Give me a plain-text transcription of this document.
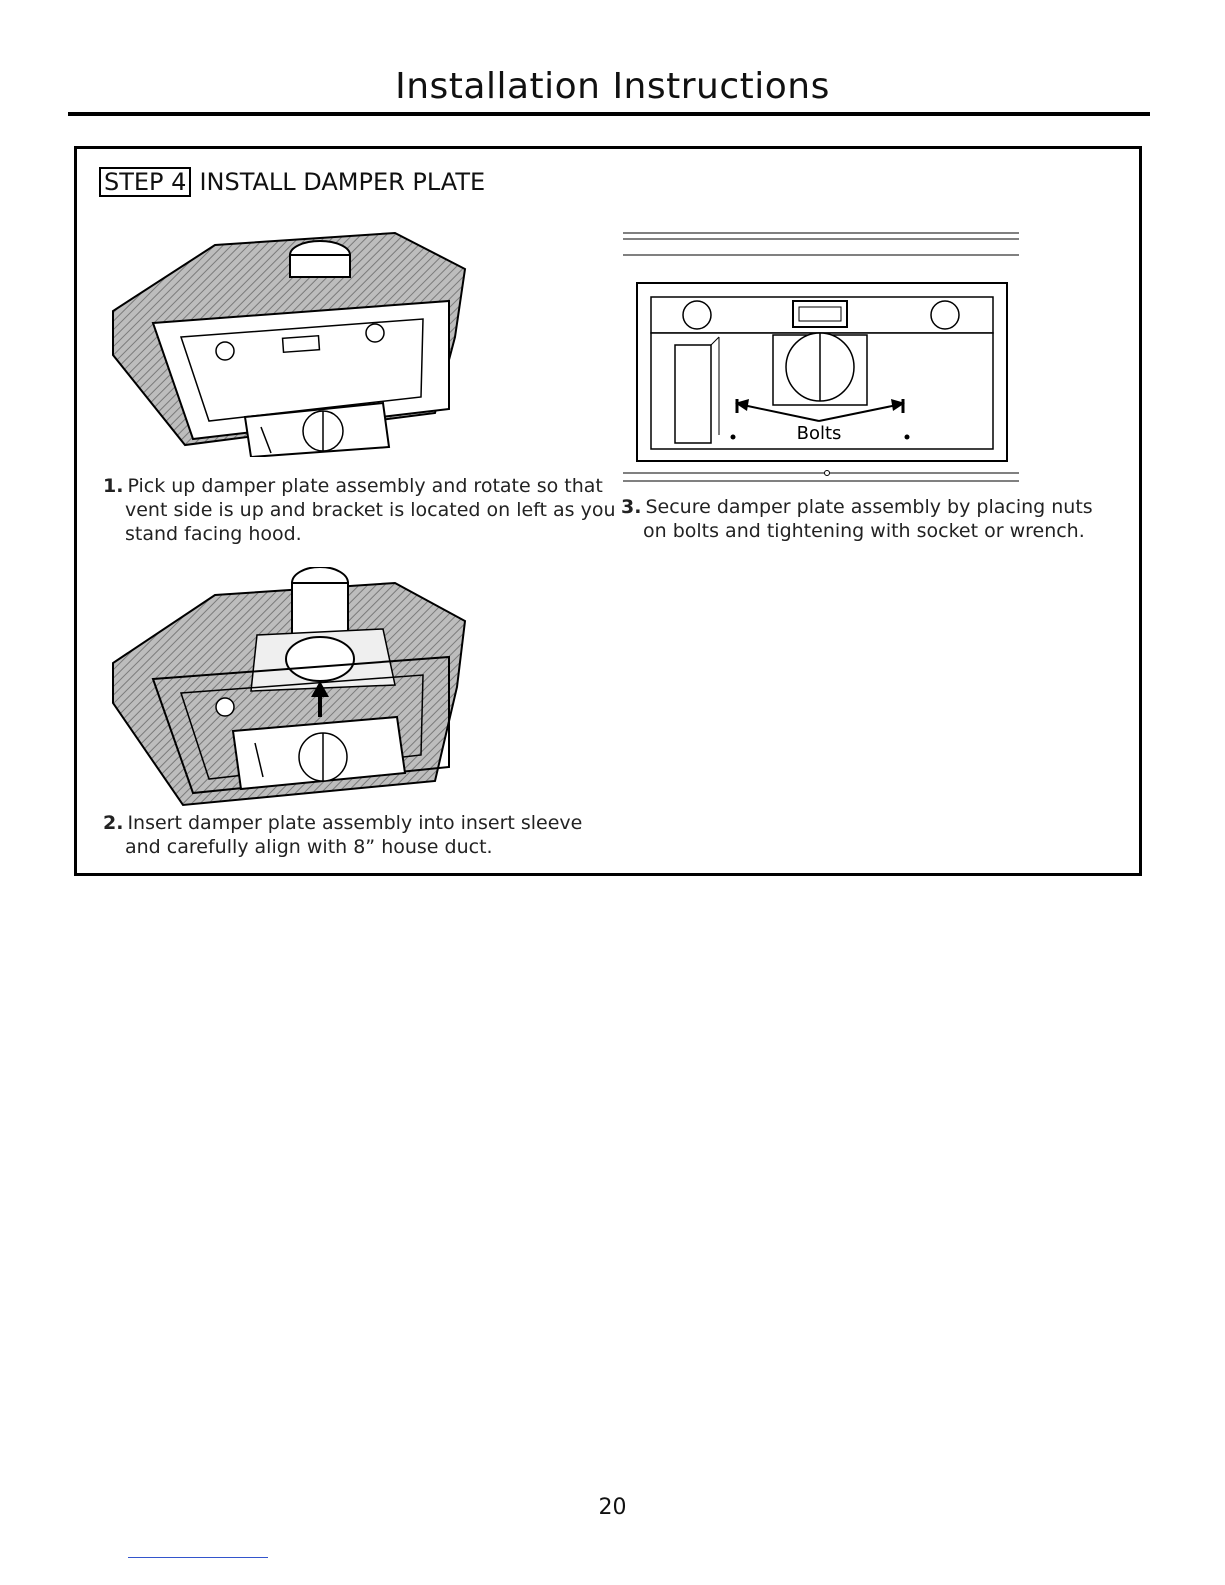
Installation Instructions
STEP 4 INSTALL DAMPER PLATE
1. Pick up damper plate assembly and rotate so that
vent side is up and bracket is located on left as you
stand facing hood.
2. Insert damper plate assembly into insert sleeve
and carefully align with 8” house duct.
Bolts
3. Secure damper plate assembly by placing nuts
on bolts and tightening with socket or wrench.
20
